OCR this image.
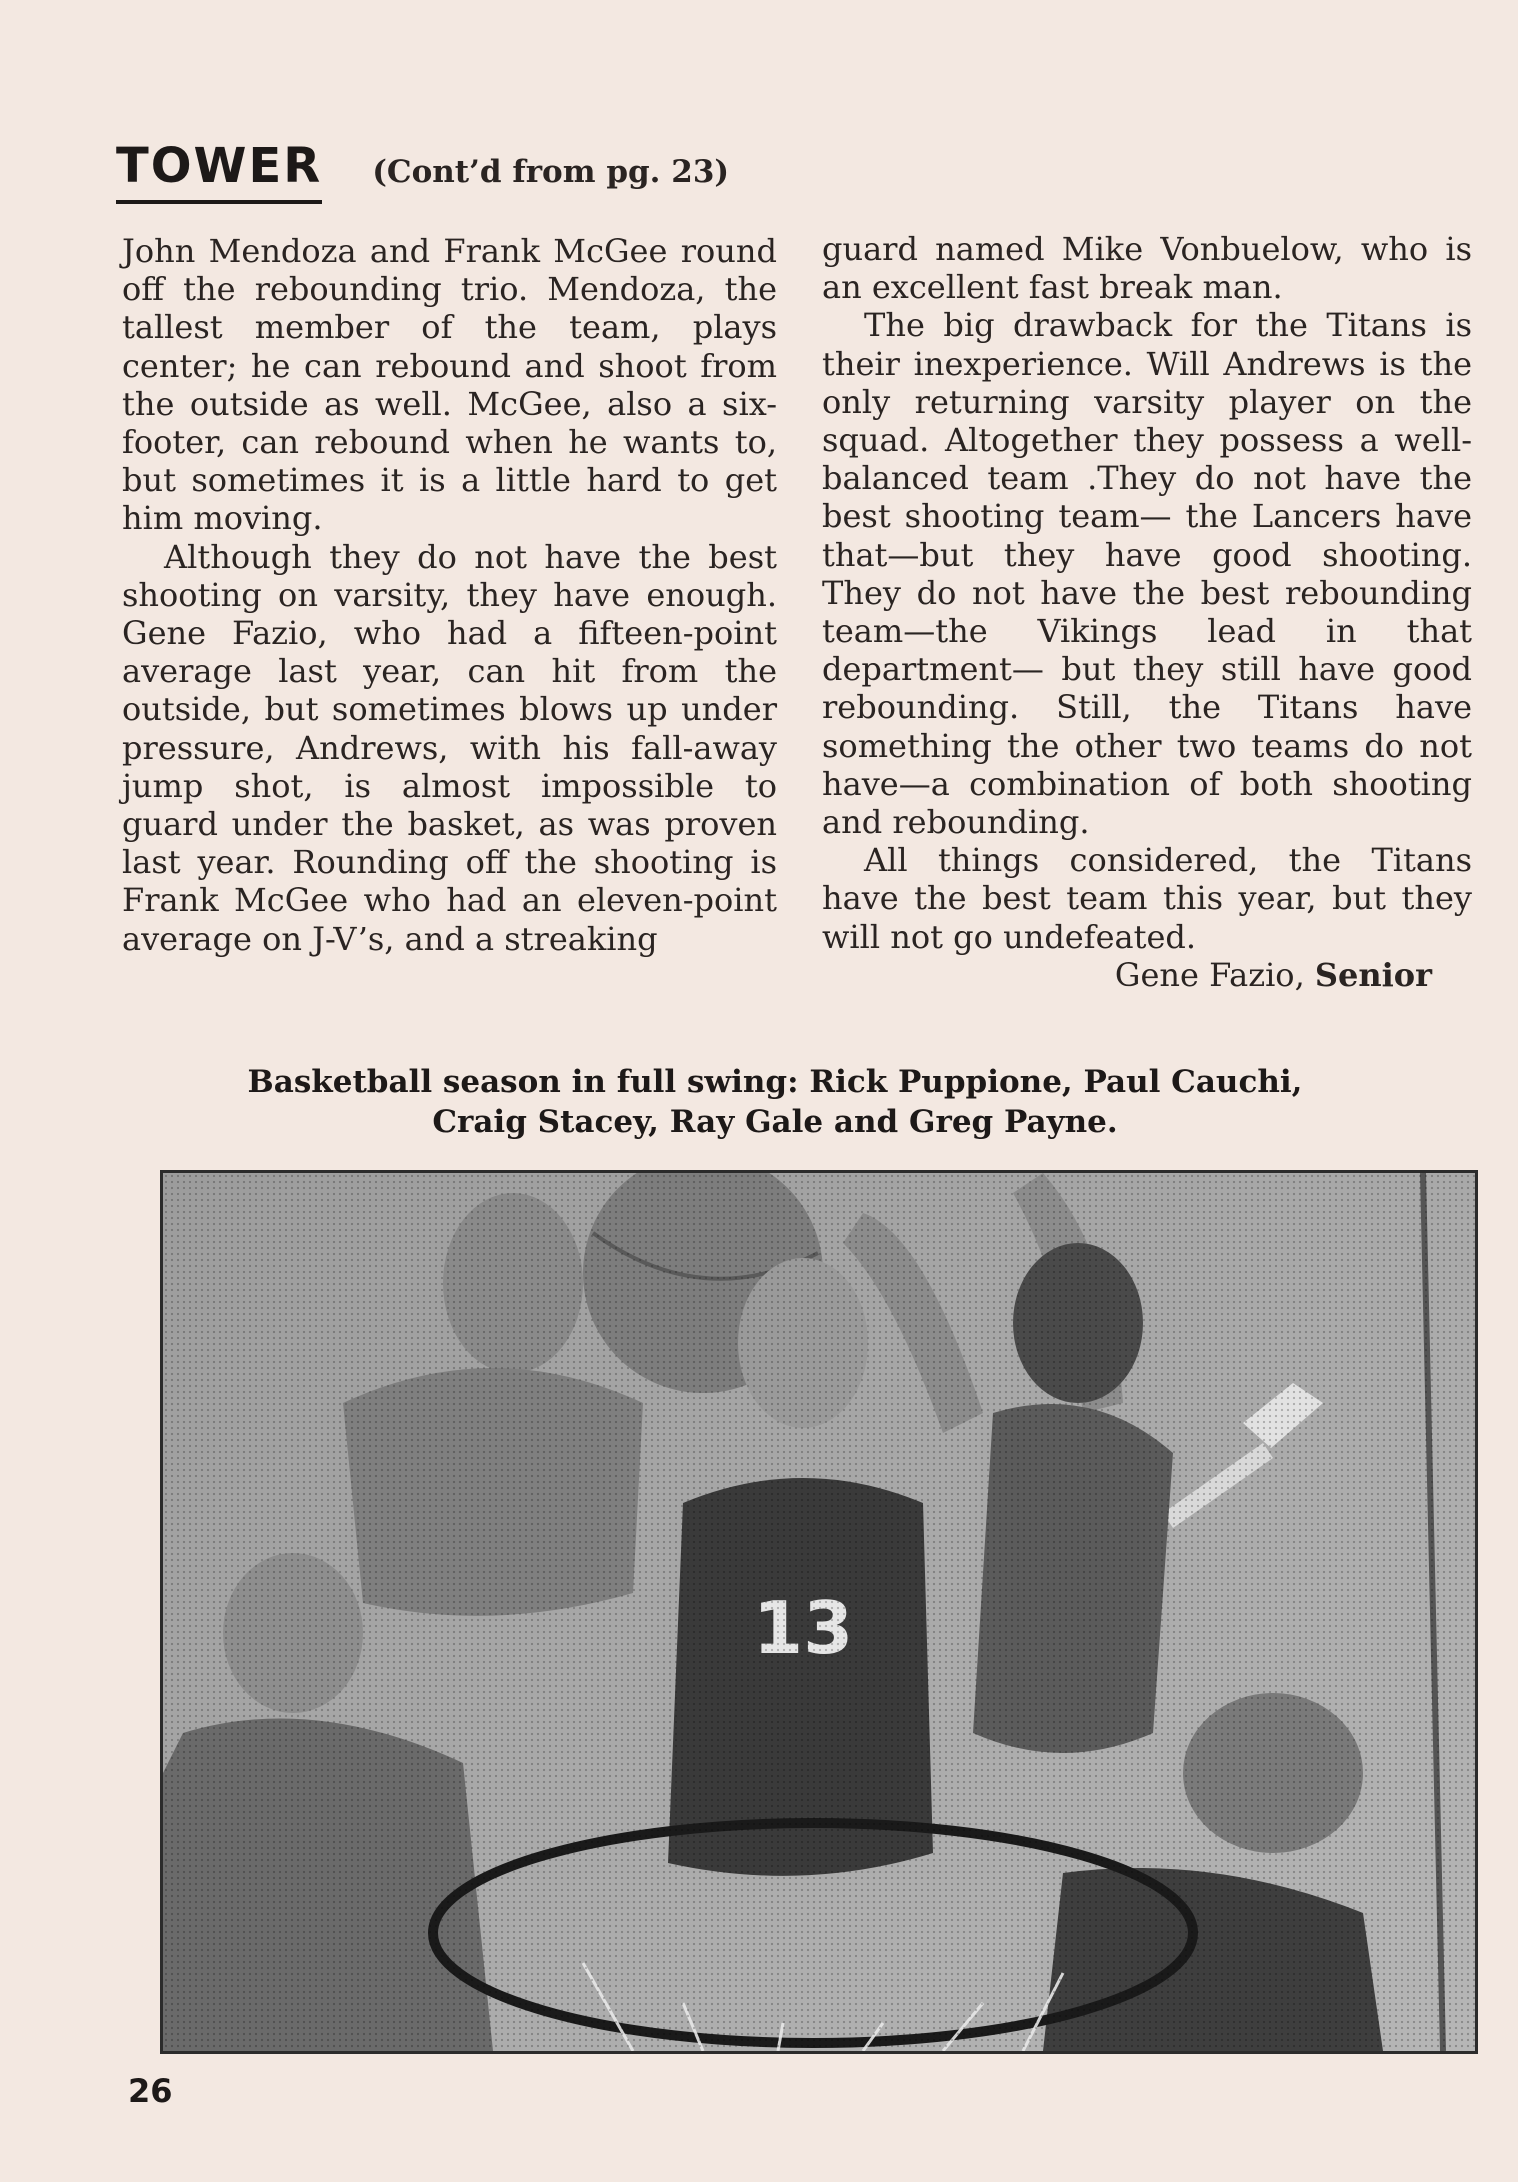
TOWER (Cont’d from pg. 23)

John Mendoza and Frank McGee round off the rebounding trio. Mendoza, the tallest member of the team, plays center; he can rebound and shoot from the outside as well. McGee, also a six-footer, can rebound when he wants to, but sometimes it is a little hard to get him moving.

Although they do not have the best shooting on varsity, they have enough. Gene Fazio, who had a fifteen-point average last year, can hit from the outside, but sometimes blows up under pressure, Andrews, with his fall-away jump shot, is almost impossible to guard under the basket, as was proven last year. Rounding off the shooting is Frank McGee who had an eleven-point average on J-V’s, and a streaking

guard named Mike Vonbuelow, who is an excellent fast break man.

The big drawback for the Titans is their inexperience. Will Andrews is the only returning varsity player on the squad. Altogether they possess a well-balanced team .They do not have the best shooting team— the Lancers have that—but they have good shooting. They do not have the best rebounding team—the Vikings lead in that department— but they still have good rebounding. Still, the Titans have something the other two teams do not have—a combination of both shooting and rebounding.

All things considered, the Titans have the best team this year, but they will not go undefeated.

Gene Fazio, Senior

Basketball season in full swing: Rick Puppione, Paul Cauchi,
Craig Stacey, Ray Gale and Greg Payne.
26
